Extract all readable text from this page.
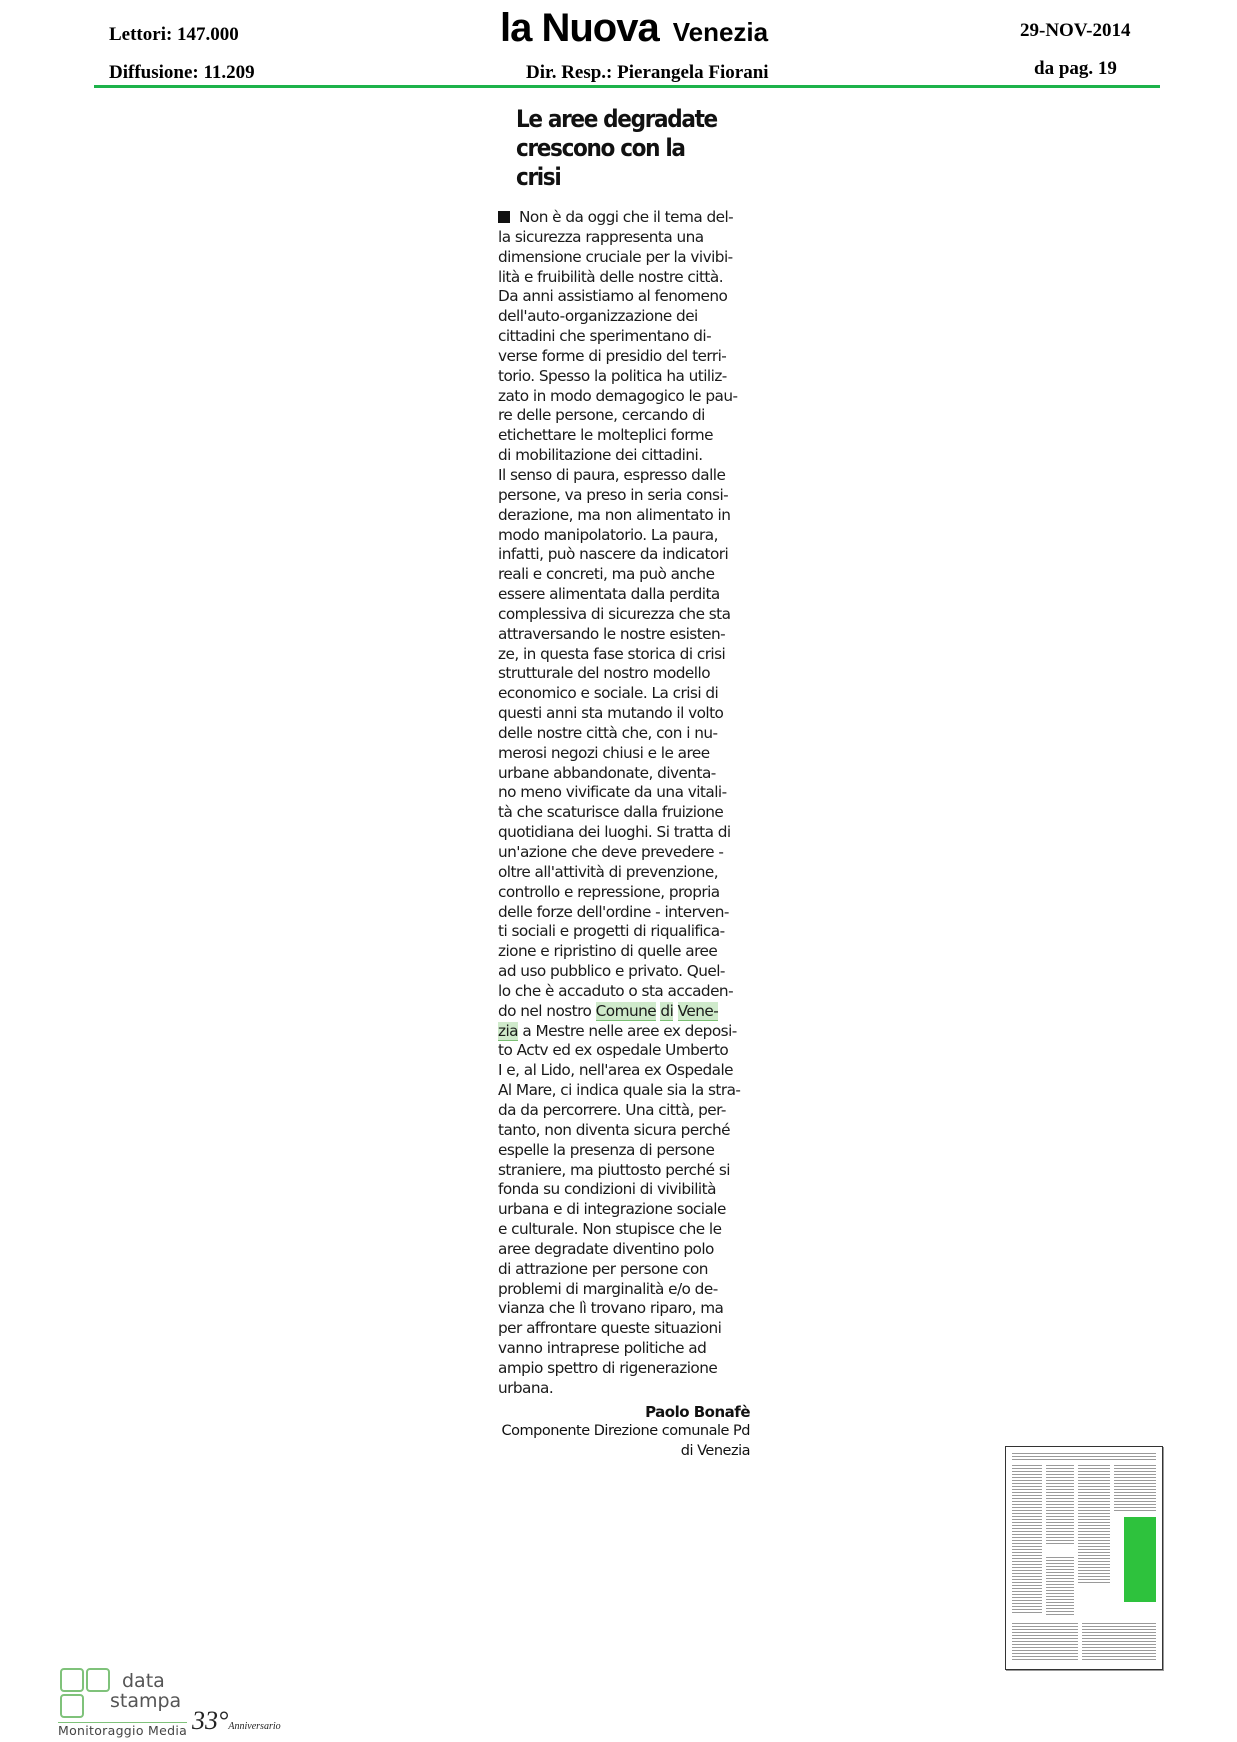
Lettori: 147.000
Diffusione: 11.209
la Nuova Venezia
Dir. Resp.: Pierangela Fiorani
29-NOV-2014
da pag. 19
Le aree degradate
crescono con la crisi
Non è da oggi che il tema del-
la sicurezza rappresenta una
dimensione cruciale per la vivibi-
lità e fruibilità delle nostre città.
Da anni assistiamo al fenomeno
dell'auto-organizzazione dei
cittadini che sperimentano di-
verse forme di presidio del terri-
torio. Spesso la politica ha utiliz-
zato in modo demagogico le pau-
re delle persone, cercando di
etichettare le molteplici forme
di mobilitazione dei cittadini.
Il senso di paura, espresso dalle
persone, va preso in seria consi-
derazione, ma non alimentato in
modo manipolatorio. La paura,
infatti, può nascere da indicatori
reali e concreti, ma può anche
essere alimentata dalla perdita
complessiva di sicurezza che sta
attraversando le nostre esisten-
ze, in questa fase storica di crisi
strutturale del nostro modello
economico e sociale. La crisi di
questi anni sta mutando il volto
delle nostre città che, con i nu-
merosi negozi chiusi e le aree
urbane abbandonate, diventa-
no meno vivificate da una vitali-
tà che scaturisce dalla fruizione
quotidiana dei luoghi. Si tratta di
un'azione che deve prevedere -
oltre all'attività di prevenzione,
controllo e repressione, propria
delle forze dell'ordine - interven-
ti sociali e progetti di riqualifica-
zione e ripristino di quelle aree
ad uso pubblico e privato. Quel-
lo che è accaduto o sta accaden-
do nel nostro Comune di Vene-
zia a Mestre nelle aree ex deposi-
to Actv ed ex ospedale Umberto
I e, al Lido, nell'area ex Ospedale
Al Mare, ci indica quale sia la stra-
da da percorrere. Una città, per-
tanto, non diventa sicura perché
espelle la presenza di persone
straniere, ma piuttosto perché si
fonda su condizioni di vivibilità
urbana e di integrazione sociale
e culturale. Non stupisce che le
aree degradate diventino polo
di attrazione per persone con
problemi di marginalità e/o de-
vianza che lì trovano riparo, ma
per affrontare queste situazioni
vanno intraprese politiche ad
ampio spettro di rigenerazione
urbana.
Paolo Bonafè
Componente Direzione comunale Pd
di Venezia
data
stampa
Monitoraggio Media 33°Anniversario
